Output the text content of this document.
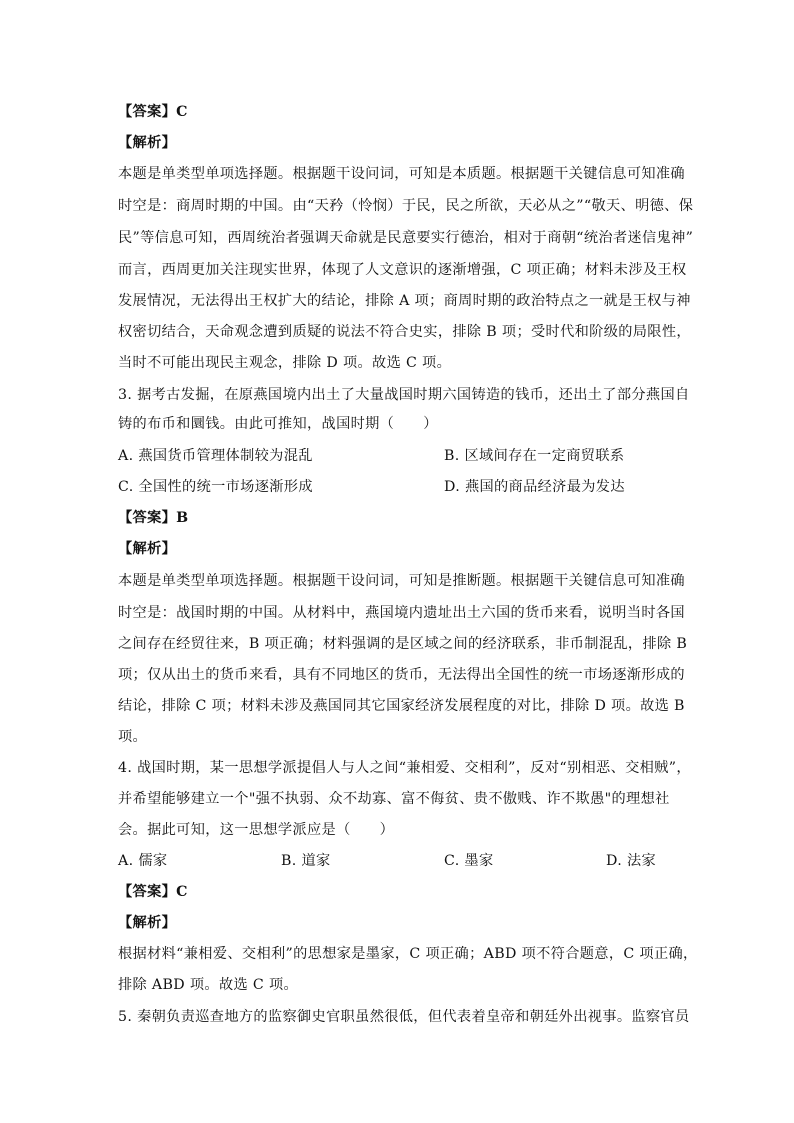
【答案】C
【解析】
本题是单类型单项选择题。根据题干设问词，可知是本质题。根据题干关键信息可知准确
时空是：商周时期的中国。由“天矜（怜悯）于民，民之所欲，天必从之”“敬天、明德、保
民”等信息可知，西周统治者强调天命就是民意要实行德治，相对于商朝“统治者迷信鬼神”
而言，西周更加关注现实世界，体现了人文意识的逐渐增强，C 项正确；材料未涉及王权
发展情况，无法得出王权扩大的结论，排除 A 项；商周时期的政治特点之一就是王权与神
权密切结合，天命观念遭到质疑的说法不符合史实，排除 B 项；受时代和阶级的局限性，
当时不可能出现民主观念，排除 D 项。故选 C 项。
3. 据考古发掘，在原燕国境内出土了大量战国时期六国铸造的钱币，还出土了部分燕国自
铸的布币和圜钱。由此可推知，战国时期（　　）
A. 燕国货币管理体制较为混乱	B. 区域间存在一定商贸联系
C. 全国性的统一市场逐渐形成	D. 燕国的商品经济最为发达
【答案】B
【解析】
本题是单类型单项选择题。根据题干设问词，可知是推断题。根据题干关键信息可知准确
时空是：战国时期的中国。从材料中，燕国境内遗址出土六国的货币来看，说明当时各国
之间存在经贸往来，B 项正确；材料强调的是区域之间的经济联系，非币制混乱，排除 B
项；仅从出土的货币来看，具有不同地区的货币，无法得出全国性的统一市场逐渐形成的
结论，排除 C 项；材料未涉及燕国同其它国家经济发展程度的对比，排除 D 项。故选 B
项。
4. 战国时期，某一思想学派提倡人与人之间“兼相爱、交相利”，反对“别相恶、交相贼”，
并希望能够建立一个"强不执弱、众不劫寡、富不侮贫、贵不傲贱、诈不欺愚"的理想社
会。据此可知，这一思想学派应是（　　）
A. 儒家	B. 道家	C. 墨家	D. 法家
【答案】C
【解析】
根据材料“兼相爱、交相利”的思想家是墨家，C 项正确；ABD 项不符合题意，C 项正确，
排除 ABD 项。故选 C 项。
5. 秦朝负责巡查地方的监察御史官职虽然很低，但代表着皇帝和朝廷外出视事。监察官员
